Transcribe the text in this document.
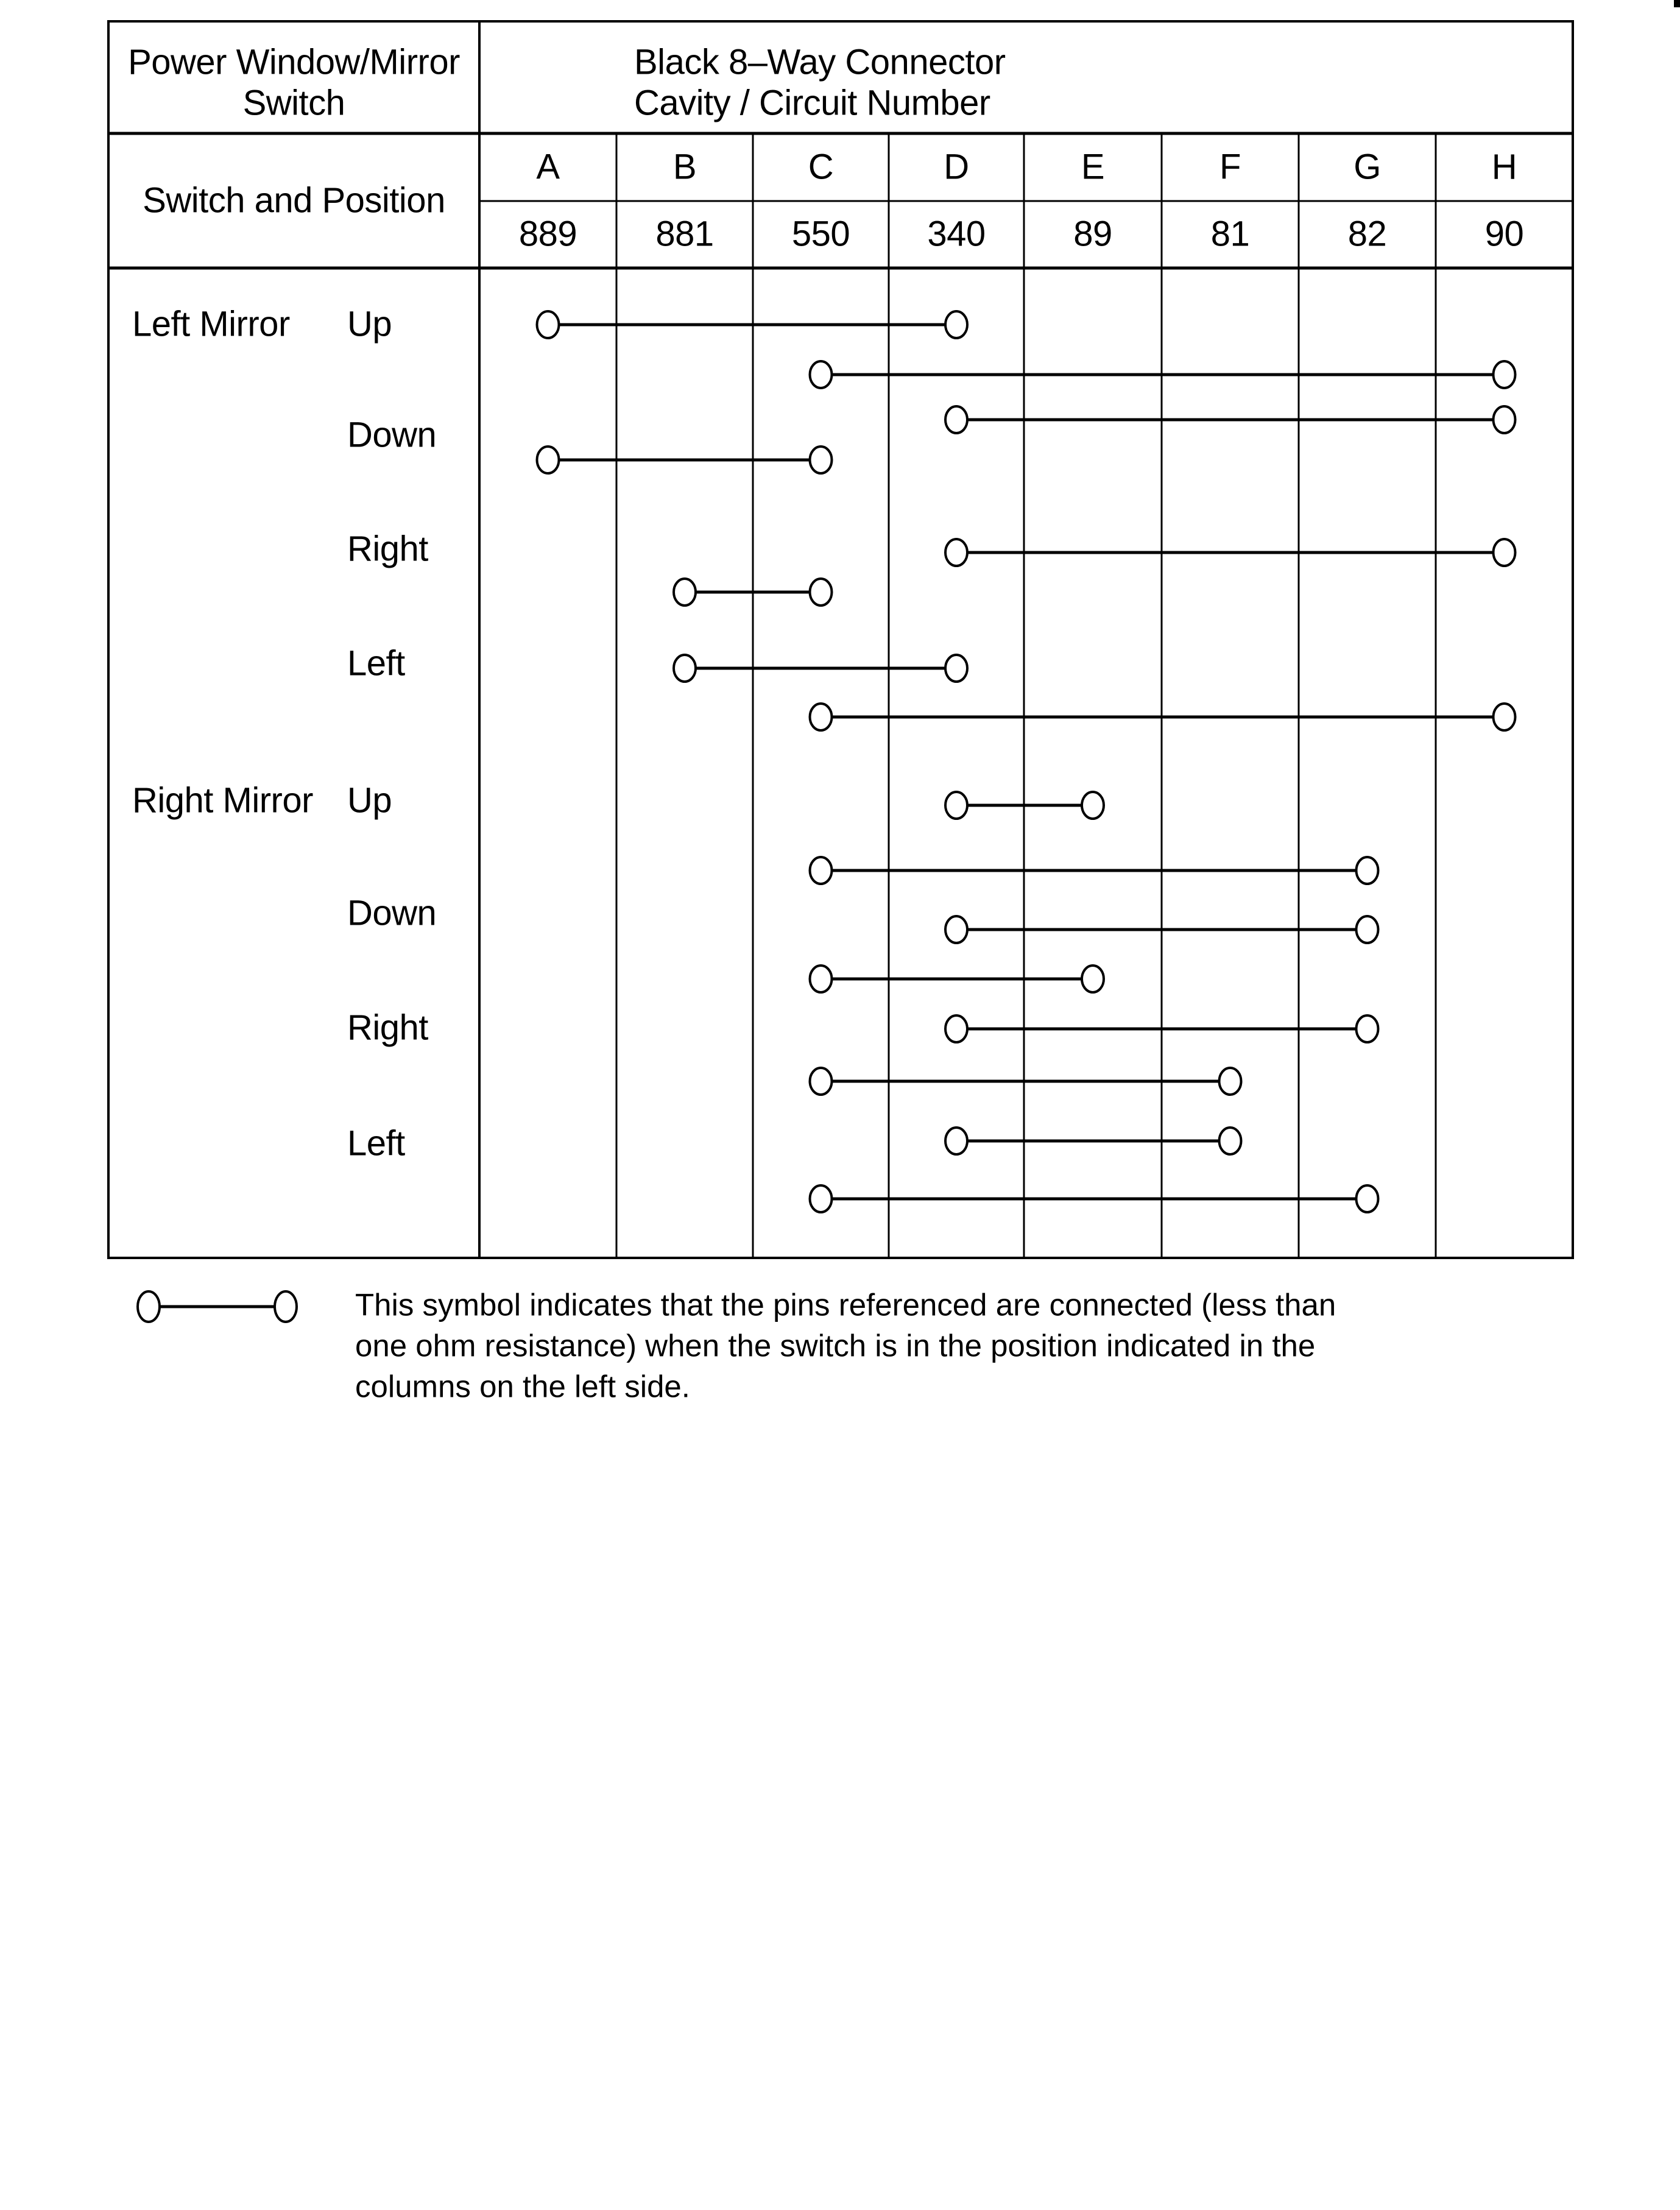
Power Window/Mirror
Switch
Black 8–Way Connector
Cavity / Circuit Number
Switch and Position
A
889
B
881
C
550
D
340
E
89
F
81
G
82
H
90
Left Mirror Up
Down
Right
Left
Right Mirror Up
Down
Right
Left
This symbol indicates that the pins referenced are connected (less than
one ohm resistance) when the switch is in the position indicated in the
columns on the left side.
